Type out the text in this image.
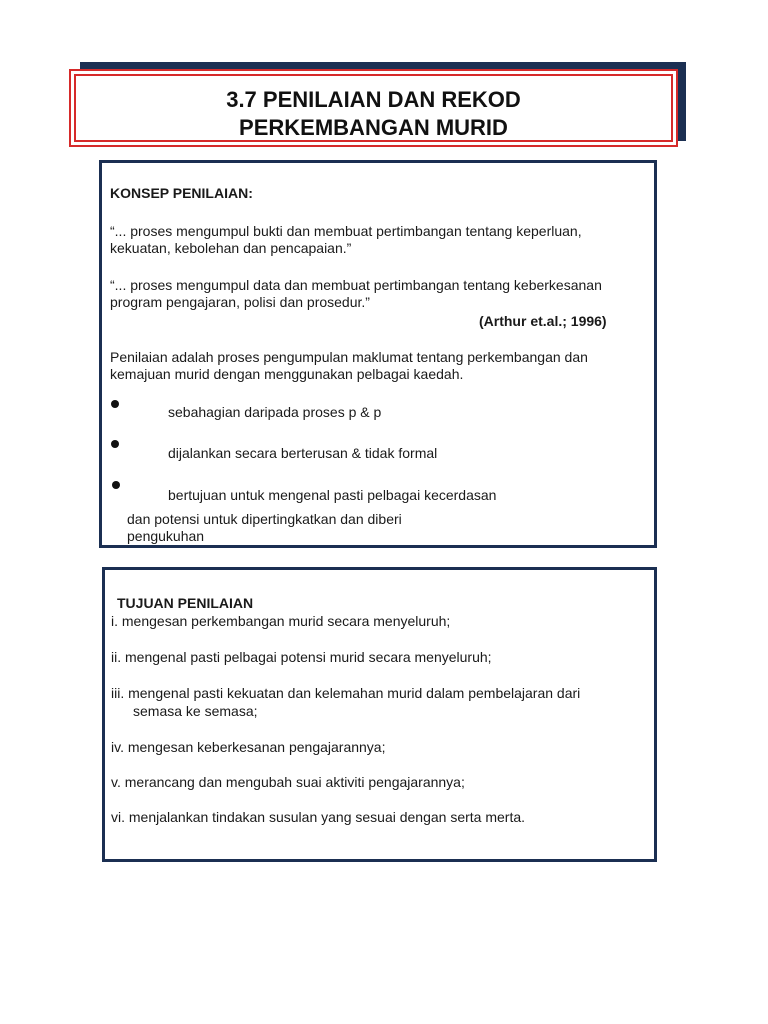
3.7 PENILAIAN DAN REKOD
PERKEMBANGAN MURID
KONSEP PENILAIAN:
“... proses mengumpul bukti dan membuat pertimbangan tentang keperluan,
kekuatan, kebolehan dan pencapaian.”
“... proses mengumpul data dan membuat pertimbangan tentang keberkesanan
program pengajaran, polisi dan prosedur.”
(Arthur et.al.; 1996)
Penilaian adalah proses pengumpulan maklumat tentang perkembangan dan
kemajuan murid dengan menggunakan pelbagai kaedah.
sebahagian daripada proses p & p
dijalankan secara berterusan & tidak formal
bertujuan untuk mengenal pasti pelbagai kecerdasan
dan potensi untuk dipertingkatkan dan diberi
pengukuhan
TUJUAN PENILAIAN
i. mengesan perkembangan murid secara menyeluruh;
ii. mengenal pasti pelbagai potensi murid secara menyeluruh;
iii. mengenal pasti kekuatan dan kelemahan murid dalam pembelajaran dari
semasa ke semasa;
iv. mengesan keberkesanan pengajarannya;
v. merancang dan mengubah suai aktiviti pengajarannya;
vi. menjalankan tindakan susulan yang sesuai dengan serta merta.
